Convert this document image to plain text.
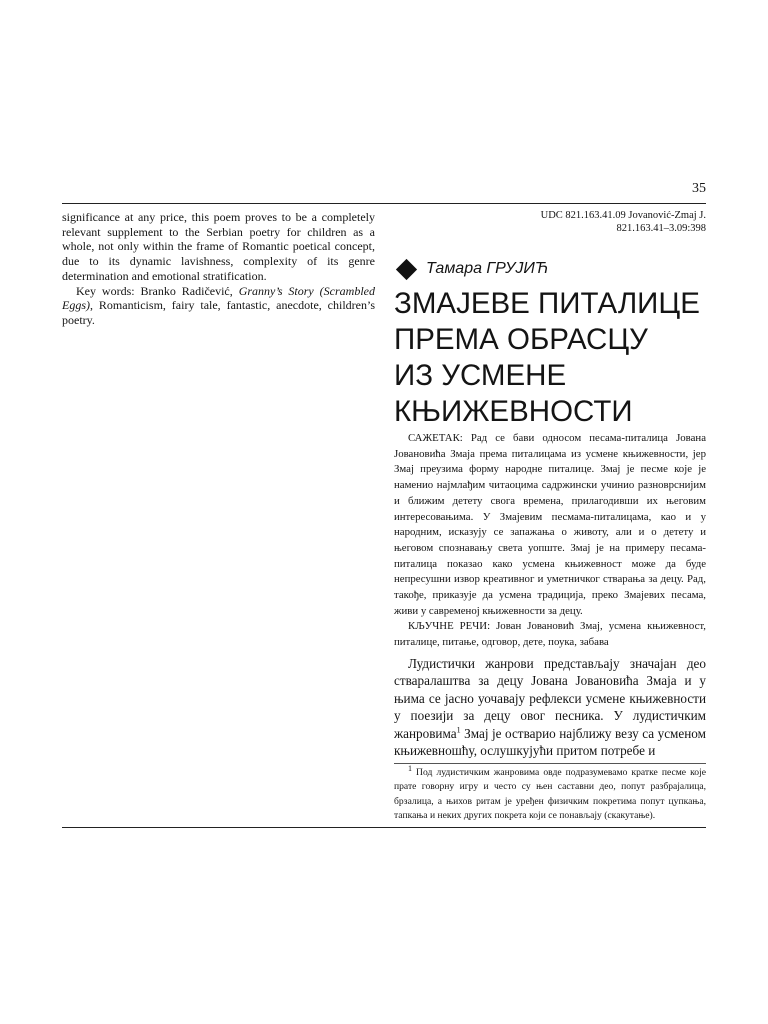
35

significance at any price, this poem proves to be a completely relevant supplement to the Serbian poetry for children as a whole, not only within the frame of Romantic poetical concept, due to its dynamic lavishness, complexity of its genre determination and emotional stratification.

Key words: Branko Radičević, Granny’s Story (Scrambled Eggs), Romanticism, fairy tale, fantastic, anecdote, children’s poetry.

UDC 821.163.41.09 Jovanović-Zmaj J.
821.163.41–3.09:398
Тамара ГРУЈИЋ
ЗМАЈЕВЕ ПИТАЛИЦЕ
ПРЕМА ОБРАСЦУ
ИЗ УСМЕНЕ
КЊИЖЕВНОСТИ

САЖЕТАК: Рад се бави односом песама-питалица Јована Јовановића Змаја према питалицама из усмене књижевности, јер Змај преузима форму народне питалице. Змај је песме које је наменио најмлађим читаоцима садржински учинио разноврснијим и ближим детету свога времена, прилагодивши их његовим интересовањима. У Змајевим песмама-питалицама, као и у народним, исказују се запажања о животу, али и о детету и његовом спознавању света уопште. Змај је на примеру песама-питалица показао како усмена књижевност може да буде непресушни извор креативног и уметничког стварања за децу. Рад, такође, приказује да усмена традиција, преко Змајевих песама, живи у савременој књижевности за децу.

КЉУЧНЕ РЕЧИ: Јован Јовановић Змај, усмена књижевност, питалице, питање, одговор, дете, поука, забава

Лудистички жанрови представљају значајан део стваралаштва за децу Јована Јовановића Змаја и у њима се јасно уочавају рефлекси усмене књижевности у поезији за децу овог песника. У лудистичким жанровима$^1$ Змај је остварио најближу везу са усменом књижевношћу, ослушкујући притом потребе и

$^1$ Под лудистичким жанровима овде подразумевамо кратке песме које прате говорну игру и често су њен саставни део, попут разбрајалица, брзалица, а њихов ритам је уређен физичким покретима попут цупкања, тапкања и неких других покрета који се понављају (скакутање).
